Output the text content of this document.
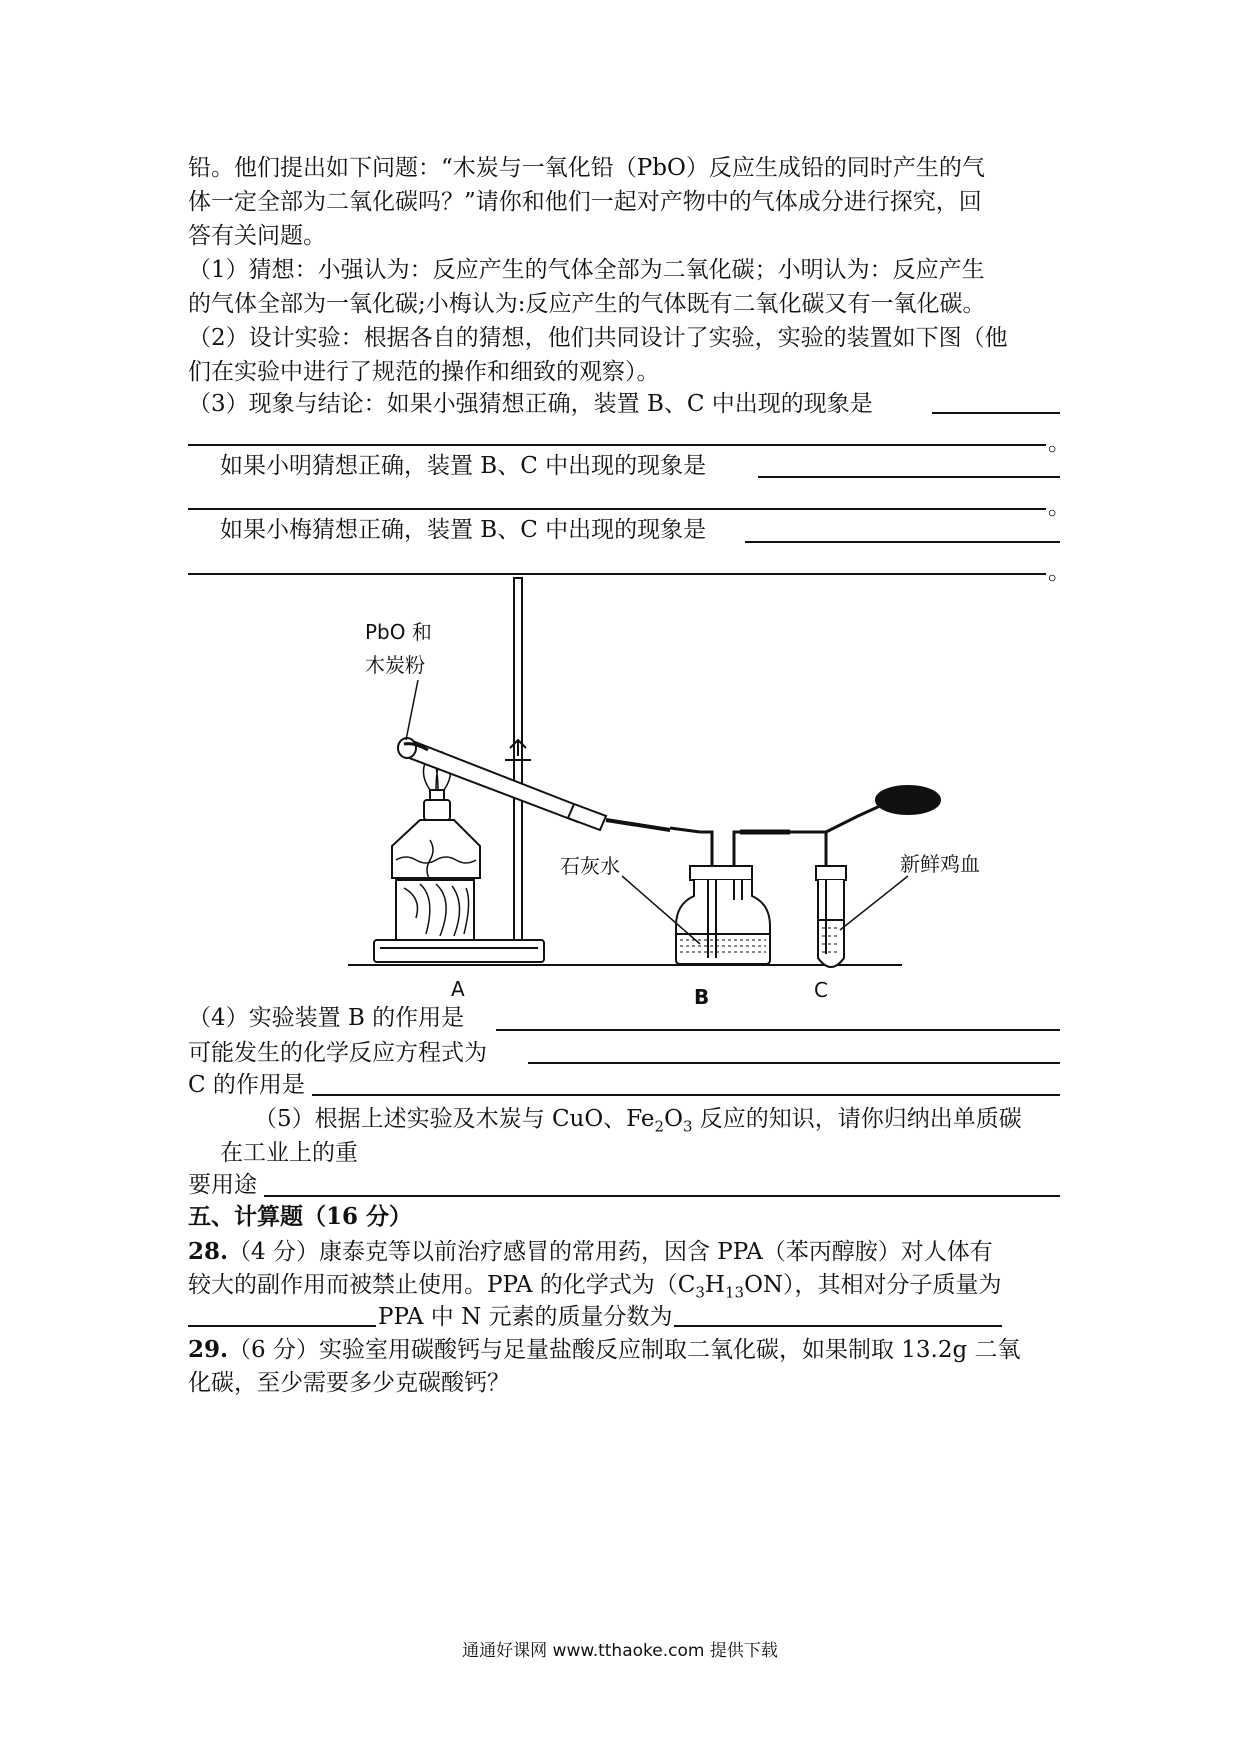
铅。他们提出如下问题：“木炭与一氧化铅（PbO）反应生成铅的同时产生的气
体一定全部为二氧化碳吗？”请你和他们一起对产物中的气体成分进行探究，回
答有关问题。
（1）猜想：小强认为：反应产生的气体全部为二氧化碳；小明认为：反应产生
的气体全部为一氧化碳;小梅认为:反应产生的气体既有二氧化碳又有一氧化碳。
（2）设计实验：根据各自的猜想，他们共同设计了实验，实验的装置如下图（他
们在实验中进行了规范的操作和细致的观察）。
（3）现象与结论：如果小强猜想正确，装置 B、C 中出现的现象是
。
如果小明猜想正确，装置 B、C 中出现的现象是
。
如果小梅猜想正确，装置 B、C 中出现的现象是
。
PbO 和
木炭粉
石灰水	新鲜鸡血
A	B	C
（4）实验装置 B 的作用是
可能发生的化学反应方程式为
C 的作用是
（5）根据上述实验及木炭与 CuO、$Fe_2O_3$ 反应的知识，请你归纳出单质碳
在工业上的重
要用途
五、计算题（16 分）
28.（4 分）康泰克等以前治疗感冒的常用药，因含 PPA（苯丙醇胺）对人体有
较大的副作用而被禁止使用。PPA 的化学式为$(C_3H_{13}ON)$，其相对分子质量为
PPA 中 N 元素的质量分数为
29.（6 分）实验室用碳酸钙与足量盐酸反应制取二氧化碳，如果制取 13.2g 二氧
化碳，至少需要多少克碳酸钙？
通通好课网 www.tthaoke.com 提供下载
